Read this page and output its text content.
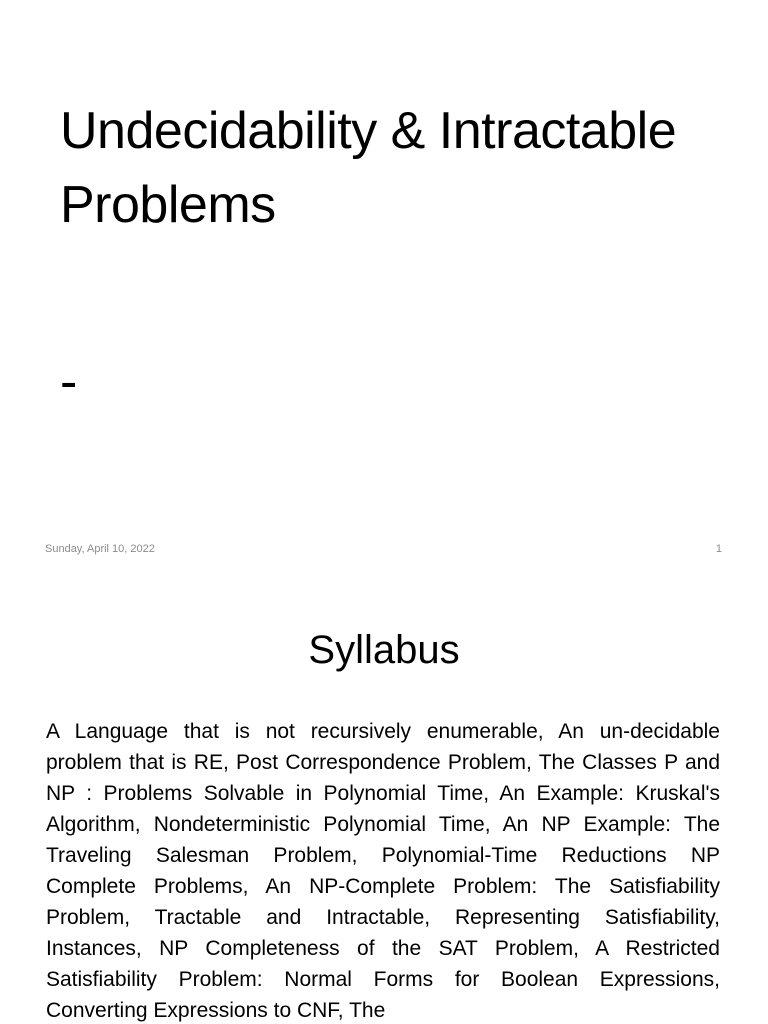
Undecidability & Intractable Problems
-
Sunday, April 10, 2022	1
Syllabus

A Language that is not recursively enumerable, An un-decidable problem that is RE, Post Correspondence Problem, The Classes P and NP : Problems Solvable in Polynomial Time, An Example: Kruskal's Algorithm, Nondeterministic Polynomial Time, An NP Example: The Traveling Salesman Problem, Polynomial-Time Reductions NP Complete Problems, An NP-Complete Problem: The Satisfiability Problem, Tractable and Intractable, Representing Satisfiability, Instances, NP Completeness of the SAT Problem, A Restricted Satisfiability Problem: Normal Forms for Boolean Expressions, Converting Expressions to CNF, The
